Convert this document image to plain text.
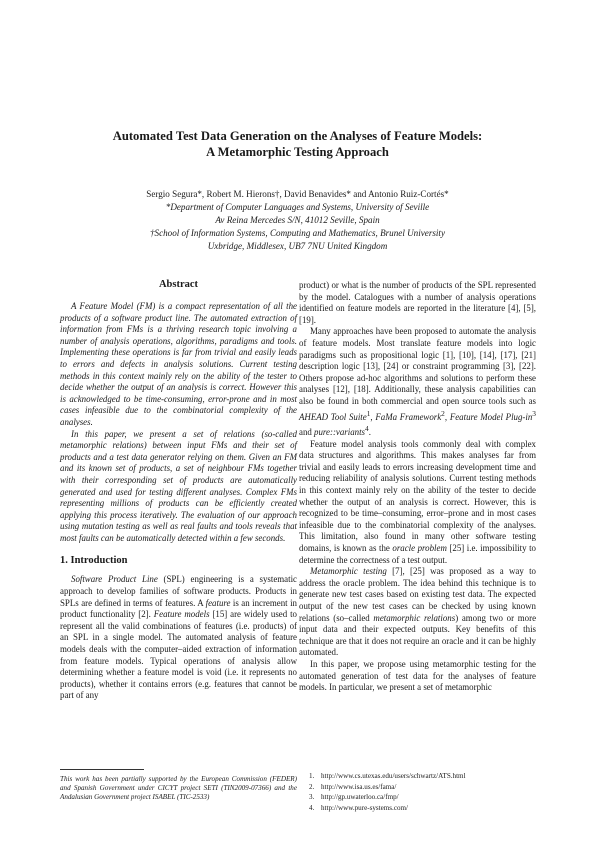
Automated Test Data Generation on the Analyses of Feature Models:
A Metamorphic Testing Approach
Sergio Segura*, Robert M. Hierons†, David Benavides* and Antonio Ruiz-Cortés*
*Department of Computer Languages and Systems, University of Seville
Av Reina Mercedes S/N, 41012 Seville, Spain
†School of Information Systems, Computing and Mathematics, Brunel University
Uxbridge, Middlesex, UB7 7NU United Kingdom
Abstract

A Feature Model (FM) is a compact representation of all the products of a software product line. The automated extraction of information from FMs is a thriving research topic involving a number of analysis operations, algorithms, paradigms and tools. Implementing these operations is far from trivial and easily leads to errors and defects in analysis solutions. Current testing methods in this context mainly rely on the ability of the tester to decide whether the output of an analysis is correct. However this is acknowledged to be time-consuming, error-prone and in most cases infeasible due to the combinatorial complexity of the analyses.

In this paper, we present a set of relations (so-called metamorphic relations) between input FMs and their set of products and a test data generator relying on them. Given an FM and its known set of products, a set of neighbour FMs together with their corresponding set of products are automatically generated and used for testing different analyses. Complex FMs representing millions of products can be efficiently created applying this process iteratively. The evaluation of our approach using mutation testing as well as real faults and tools reveals that most faults can be automatically detected within a few seconds.

1. Introduction

Software Product Line (SPL) engineering is a systematic approach to develop families of software products. Products in SPLs are defined in terms of features. A feature is an increment in product functionality [2]. Feature models [15] are widely used to represent all the valid combinations of features (i.e. products) of an SPL in a single model. The automated analysis of feature models deals with the computer–aided extraction of information from feature models. Typical operations of analysis allow determining whether a feature model is void (i.e. it represents no products), whether it contains errors (e.g. features that cannot be part of any

product) or what is the number of products of the SPL represented by the model. Catalogues with a number of analysis operations identified on feature models are reported in the literature [4], [5], [19].

Many approaches have been proposed to automate the analysis of feature models. Most translate feature models into logic paradigms such as propositional logic [1], [10], [14], [17], [21] description logic [13], [24] or constraint programming [3], [22]. Others propose ad-hoc algorithms and solutions to perform these analyses [12], [18]. Additionally, these analysis capabilities can also be found in both commercial and open source tools such as AHEAD Tool Suite$^1$, FaMa Framework$^2$, Feature Model Plug-$in^3$ and pure::variants$^4$.

Feature model analysis tools commonly deal with complex data structures and algorithms. This makes analyses far from trivial and easily leads to errors increasing development time and reducing reliability of analysis solutions. Current testing methods in this context mainly rely on the ability of the tester to decide whether the output of an analysis is correct. However, this is recognized to be time–consuming, error–prone and in most cases infeasible due to the combinatorial complexity of the analyses. This limitation, also found in many other software testing domains, is known as the oracle problem [25] i.e. impossibility to determine the correctness of a test output.

Metamorphic testing [7], [25] was proposed as a way to address the oracle problem. The idea behind this technique is to generate new test cases based on existing test data. The expected output of the new test cases can be checked by using known relations (so–called metamorphic relations) among two or more input data and their expected outputs. Key benefits of this technique are that it does not require an oracle and it can be highly automated.

In this paper, we propose using metamorphic testing for the automated generation of test data for the analyses of feature models. In particular, we present a set of metamorphic

This work has been partially supported by the European Commission (FEDER) and Spanish Government under CICYT project SETI (TIN2009-07366) and the Andalusian Government project ISABEL (TIC-2533)
1. http://www.cs.utexas.edu/users/schwartz/ATS.html
2. http://www.isa.us.es/fama/
3. http://gp.uwaterloo.ca/fmp/
4. http://www.pure-systems.com/
